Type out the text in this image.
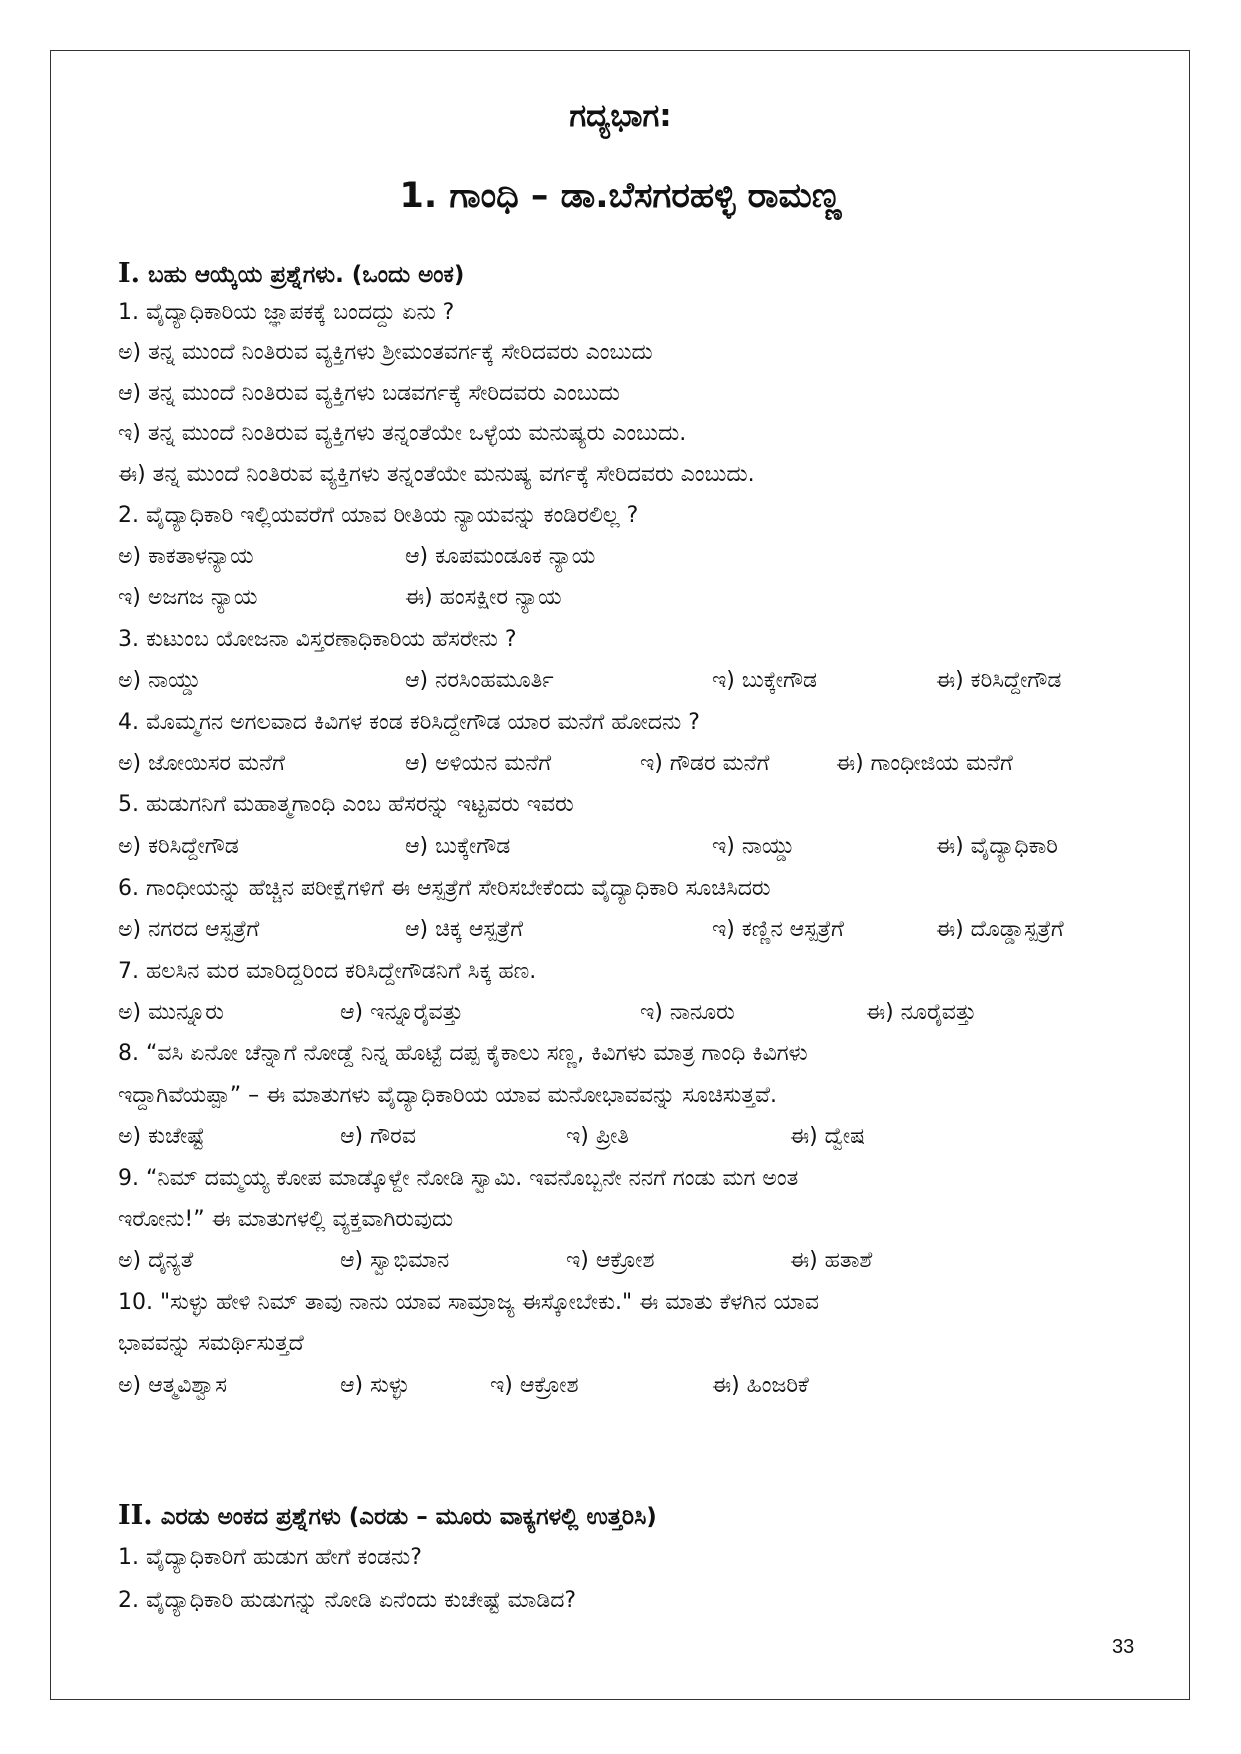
ಗದ್ಯಭಾಗ:
1. ಗಾಂಧಿ – ಡಾ.ಬೆಸಗರಹಳ್ಳಿ ರಾಮಣ್ಣ
I. ಬಹು ಆಯ್ಕೆಯ ಪ್ರಶ್ನೆಗಳು. (ಒಂದು ಅಂಕ)
1. ವೈದ್ಯಾಧಿಕಾರಿಯ ಜ್ಞಾಪಕಕ್ಕೆ ಬಂದದ್ದು ಏನು ?
ಅ) ತನ್ನ ಮುಂದೆ ನಿಂತಿರುವ ವ್ಯಕ್ತಿಗಳು ಶ್ರೀಮಂತವರ್ಗಕ್ಕೆ ಸೇರಿದವರು ಎಂಬುದು
ಆ) ತನ್ನ ಮುಂದೆ ನಿಂತಿರುವ ವ್ಯಕ್ತಿಗಳು ಬಡವರ್ಗಕ್ಕೆ ಸೇರಿದವರು ಎಂಬುದು
ಇ) ತನ್ನ ಮುಂದೆ ನಿಂತಿರುವ ವ್ಯಕ್ತಿಗಳು ತನ್ನಂತೆಯೇ ಒಳ್ಳೆಯ ಮನುಷ್ಯರು ಎಂಬುದು.
ಈ) ತನ್ನ ಮುಂದೆ ನಿಂತಿರುವ ವ್ಯಕ್ತಿಗಳು ತನ್ನಂತೆಯೇ ಮನುಷ್ಯ ವರ್ಗಕ್ಕೆ ಸೇರಿದವರು ಎಂಬುದು.
2. ವೈದ್ಯಾಧಿಕಾರಿ ಇಲ್ಲಿಯವರೆಗೆ ಯಾವ ರೀತಿಯ ನ್ಯಾಯವನ್ನು ಕಂಡಿರಲಿಲ್ಲ ?
ಅ) ಕಾಕತಾಳನ್ಯಾಯ	ಆ) ಕೂಪಮಂಡೂಕ ನ್ಯಾಯ
ಇ) ಅಜಗಜ ನ್ಯಾಯ	ಈ) ಹಂಸಕ್ಷೀರ ನ್ಯಾಯ
3. ಕುಟುಂಬ ಯೋಜನಾ ವಿಸ್ತರಣಾಧಿಕಾರಿಯ ಹೆಸರೇನು ?
ಅ) ನಾಯ್ಡು	ಆ) ನರಸಿಂಹಮೂರ್ತಿ	ಇ) ಬುಕ್ಕೇಗೌಡ	ಈ) ಕರಿಸಿದ್ದೇಗೌಡ
4. ಮೊಮ್ಮಗನ ಅಗಲವಾದ ಕಿವಿಗಳ ಕಂಡ ಕರಿಸಿದ್ದೇಗೌಡ ಯಾರ ಮನೆಗೆ ಹೋದನು ?
ಅ) ಜೋಯಿಸರ ಮನೆಗೆ	ಆ) ಅಳಿಯನ ಮನೆಗೆ	ಇ) ಗೌಡರ ಮನೆಗೆ	ಈ) ಗಾಂಧೀಜಿಯ ಮನೆಗೆ
5. ಹುಡುಗನಿಗೆ ಮಹಾತ್ಮಗಾಂಧಿ ಎಂಬ ಹೆಸರನ್ನು ಇಟ್ಟವರು ಇವರು
ಅ) ಕರಿಸಿದ್ದೇಗೌಡ	ಆ) ಬುಕ್ಕೇಗೌಡ	ಇ) ನಾಯ್ಡು	ಈ) ವೈದ್ಯಾಧಿಕಾರಿ
6. ಗಾಂಧೀಯನ್ನು ಹೆಚ್ಚಿನ ಪರೀಕ್ಷೆಗಳಿಗೆ ಈ ಆಸ್ಪತ್ರೆಗೆ ಸೇರಿಸಬೇಕೆಂದು ವೈದ್ಯಾಧಿಕಾರಿ ಸೂಚಿಸಿದರು
ಅ) ನಗರದ ಆಸ್ಪತ್ರೆಗೆ	ಆ) ಚಿಕ್ಕ ಆಸ್ಪತ್ರೆಗೆ	ಇ) ಕಣ್ಣಿನ ಆಸ್ಪತ್ರೆಗೆ	ಈ) ದೊಡ್ಡಾಸ್ಪತ್ರೆಗೆ
7. ಹಲಸಿನ ಮರ ಮಾರಿದ್ದರಿಂದ ಕರಿಸಿದ್ದೇಗೌಡನಿಗೆ ಸಿಕ್ಕ ಹಣ.
ಅ) ಮುನ್ನೂರು	ಆ) ಇನ್ನೂರೈವತ್ತು	ಇ) ನಾನೂರು	ಈ) ನೂರೈವತ್ತು
8. “ವಸಿ ಏನೋ ಚೆನ್ನಾಗೆ ನೋಡ್ದೆ ನಿನ್ನ ಹೊಟ್ಟೆ ದಪ್ಪ ಕೈಕಾಲು ಸಣ್ಣ, ಕಿವಿಗಳು ಮಾತ್ರ ಗಾಂಧಿ ಕಿವಿಗಳು
ಇದ್ದಾಗಿವೆಯಪ್ಪಾ” – ಈ ಮಾತುಗಳು ವೈದ್ಯಾಧಿಕಾರಿಯ ಯಾವ ಮನೋಭಾವವನ್ನು ಸೂಚಿಸುತ್ತವೆ.
ಅ) ಕುಚೇಷ್ಟೆ	ಆ) ಗೌರವ	ಇ) ಪ್ರೀತಿ	ಈ) ದ್ವೇಷ
9. “ನಿಮ್ ದಮ್ಮಯ್ಯ ಕೋಪ ಮಾಡ್ಕೊಳ್ದೇ ನೋಡಿ ಸ್ವಾಮಿ. ಇವನೊಬ್ಬನೇ ನನಗೆ ಗಂಡು ಮಗ ಅಂತ
ಇರೋನು!” ಈ ಮಾತುಗಳಲ್ಲಿ ವ್ಯಕ್ತವಾಗಿರುವುದು
ಅ) ದೈನ್ಯತೆ	ಆ) ಸ್ವಾಭಿಮಾನ	ಇ) ಆಕ್ರೋಶ	ಈ) ಹತಾಶೆ
10. "ಸುಳ್ಳು ಹೇಳಿ ನಿಮ್ ತಾವು ನಾನು ಯಾವ ಸಾಮ್ರಾಜ್ಯ ಈಸ್ಕೋಬೇಕು." ಈ ಮಾತು ಕೆಳಗಿನ ಯಾವ
ಭಾವವನ್ನು ಸಮರ್ಥಿಸುತ್ತದೆ
ಅ) ಆತ್ಮವಿಶ್ವಾಸ	ಆ) ಸುಳ್ಳು	ಇ) ಆಕ್ರೋಶ	ಈ) ಹಿಂಜರಿಕೆ
II. ಎರಡು ಅಂಕದ ಪ್ರಶ್ನೆಗಳು (ಎರಡು – ಮೂರು ವಾಕ್ಯಗಳಲ್ಲಿ ಉತ್ತರಿಸಿ)
1. ವೈದ್ಯಾಧಿಕಾರಿಗೆ ಹುಡುಗ ಹೇಗೆ ಕಂಡನು?
2. ವೈದ್ಯಾಧಿಕಾರಿ ಹುಡುಗನ್ನು ನೋಡಿ ಏನೆಂದು ಕುಚೇಷ್ಟೆ ಮಾಡಿದ?
33
